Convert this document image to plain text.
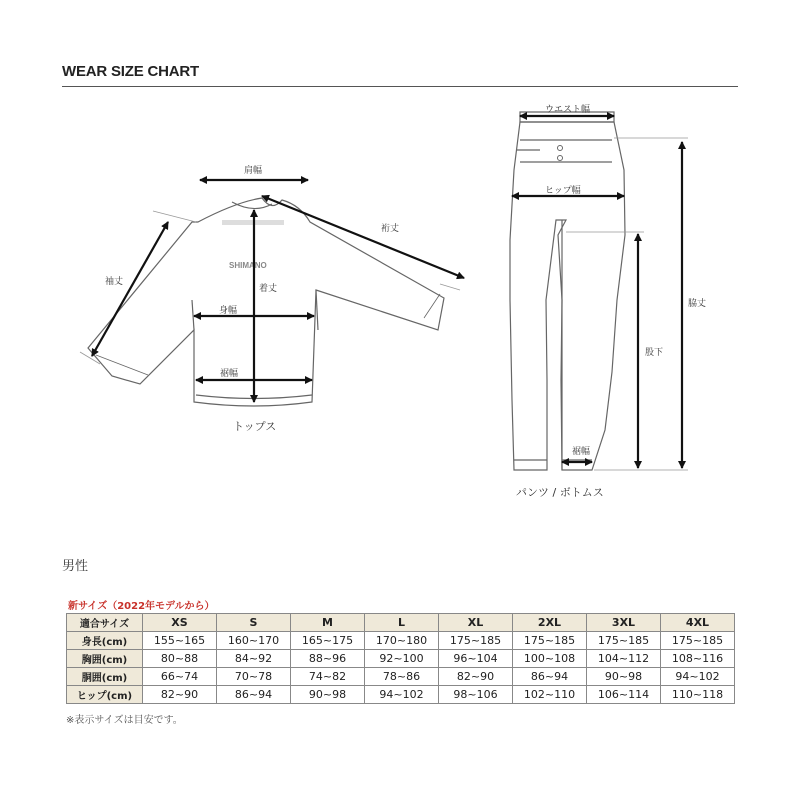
WEAR SIZE CHART
SHIMANO
肩幅
袖丈
裄丈
着丈
身幅
裾幅
トップス
ウエスト幅
ヒップ幅
脇丈
股下
裾幅
パンツ / ボトムス
男性
新サイズ（2022年モデルから）
適合サイズ	XS	S	M	L	XL	2XL	3XL	4XL
身長(cm)	155~165	160~170	165~175	170~180	175~185	175~185	175~185	175~185
胸囲(cm)	80~88	84~92	88~96	92~100	96~104	100~108	104~112	108~116
胴囲(cm)	66~74	70~78	74~82	78~86	82~90	86~94	90~98	94~102
ヒップ(cm)	82~90	86~94	90~98	94~102	98~106	102~110	106~114	110~118
※表示サイズは目安です。
